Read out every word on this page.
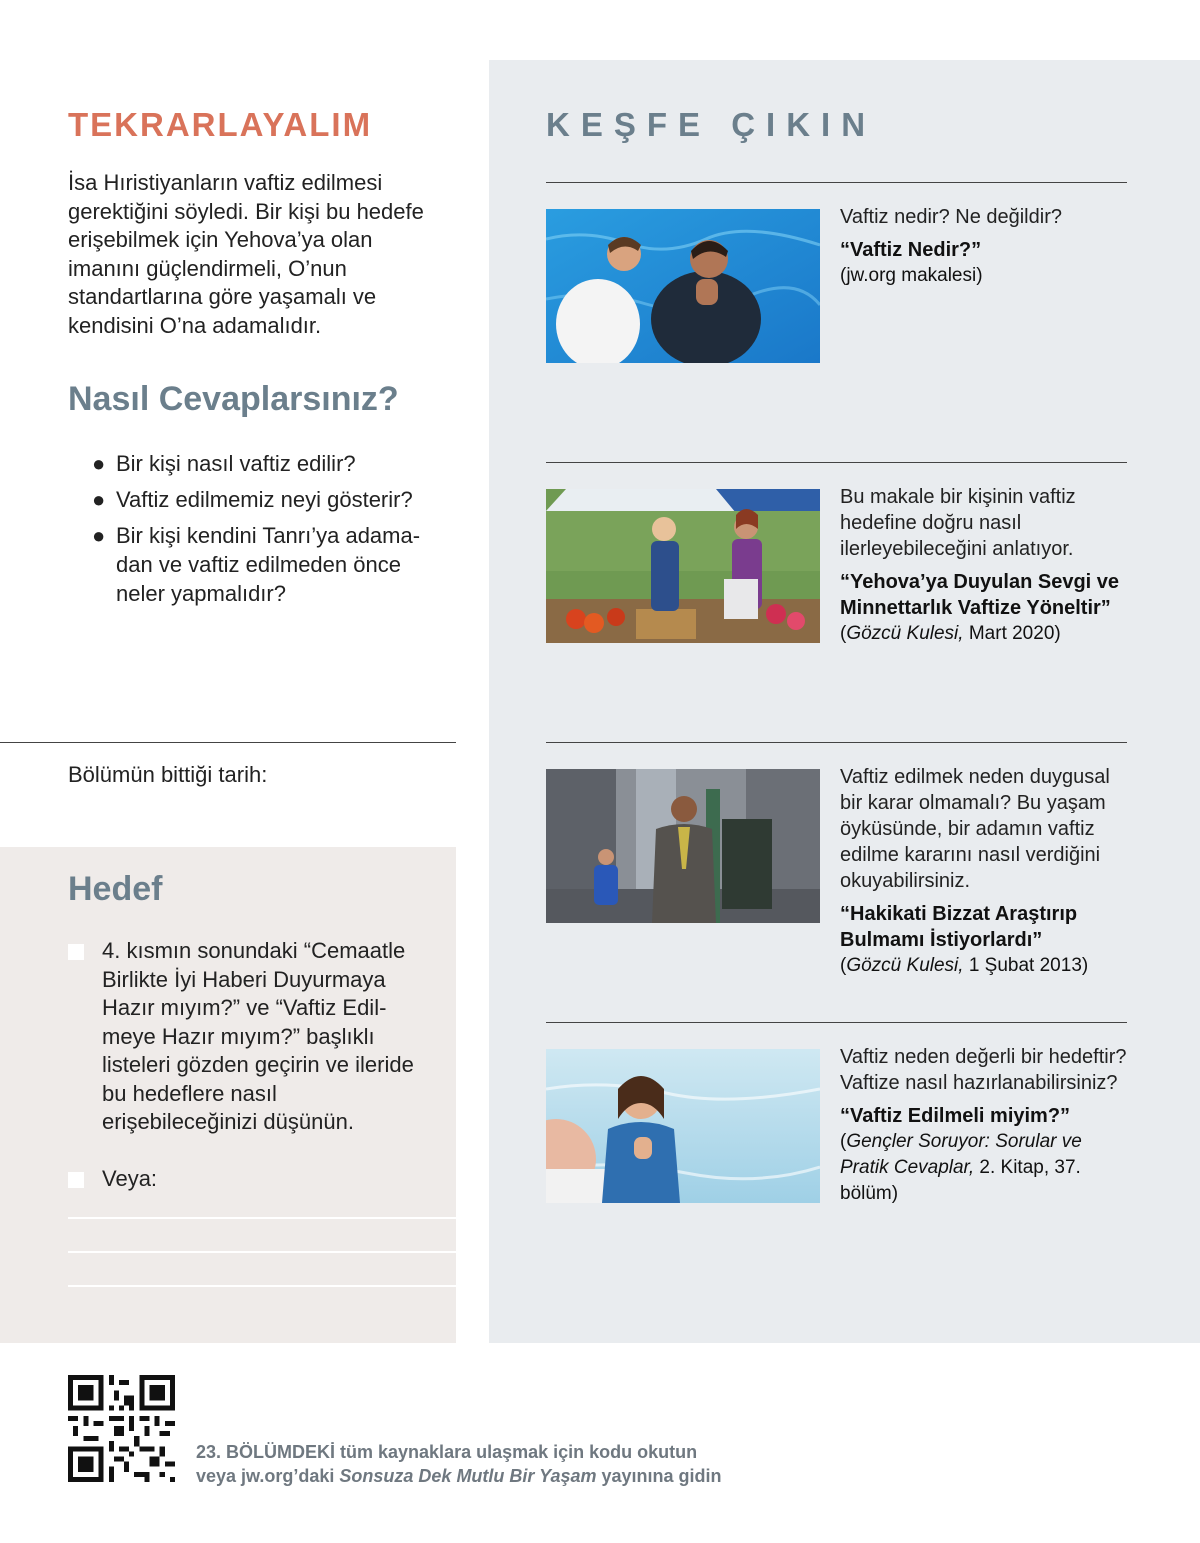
TEKRARLAYALIM
İsa Hıristiyanların vaftiz edilmesi gerektiğini söyledi. Bir kişi bu hedefe erişebilmek için Yehova’ya olan imanını güçlendirmeli, O’nun standartlarına göre yaşamalı ve kendisini O’na adamalıdır.
Nasıl Cevaplarsınız?
● Bir kişi nasıl vaftiz edilir?
● Vaftiz edilmemiz neyi gösterir?
● Bir kişi kendini Tanrı’ya adamadan ve vaftiz edilmeden önce neler yapmalıdır?
Bölümün bittiği tarih:
Hedef
4. kısmın sonundaki “Cemaatle Birlikte İyi Haberi Duyurmaya Hazır mıyım?” ve “Vaftiz Edilmeye Hazır mıyım?” başlıklı listeleri gözden geçirin ve ileride bu hedeflere nasıl erişebileceğinizi düşünün.
Veya:
KEŞFE ÇIKIN
Vaftiz nedir? Ne değildir?
“Vaftiz Nedir?”
(jw.org makalesi)
Bu makale bir kişinin vaftiz hedefine doğru nasıl ilerleyebileceğini anlatıyor.
“Yehova’ya Duyulan Sevgi ve Minnettarlık Vaftize Yöneltir”
(Gözcü Kulesi, Mart 2020)
Vaftiz edilmek neden duygusal bir karar olmamalı? Bu yaşam öyküsünde, bir adamın vaftiz edilme kararını nasıl verdiğini okuyabilirsiniz.
“Hakikati Bizzat Araştırıp Bulmamı İstiyorlardı”
(Gözcü Kulesi, 1 Şubat 2013)
Vaftiz neden değerli bir hedeftir? Vaftize nasıl hazırlanabilirsiniz?
“Vaftiz Edilmeli miyim?”
(Gençler Soruyor: Sorular ve Pratik Cevaplar, 2. Kitap, 37. bölüm)
23. BÖLÜMDEKİ tüm kaynaklara ulaşmak için kodu okutun
veya jw.org’daki Sonsuza Dek Mutlu Bir Yaşam yayınına gidin
